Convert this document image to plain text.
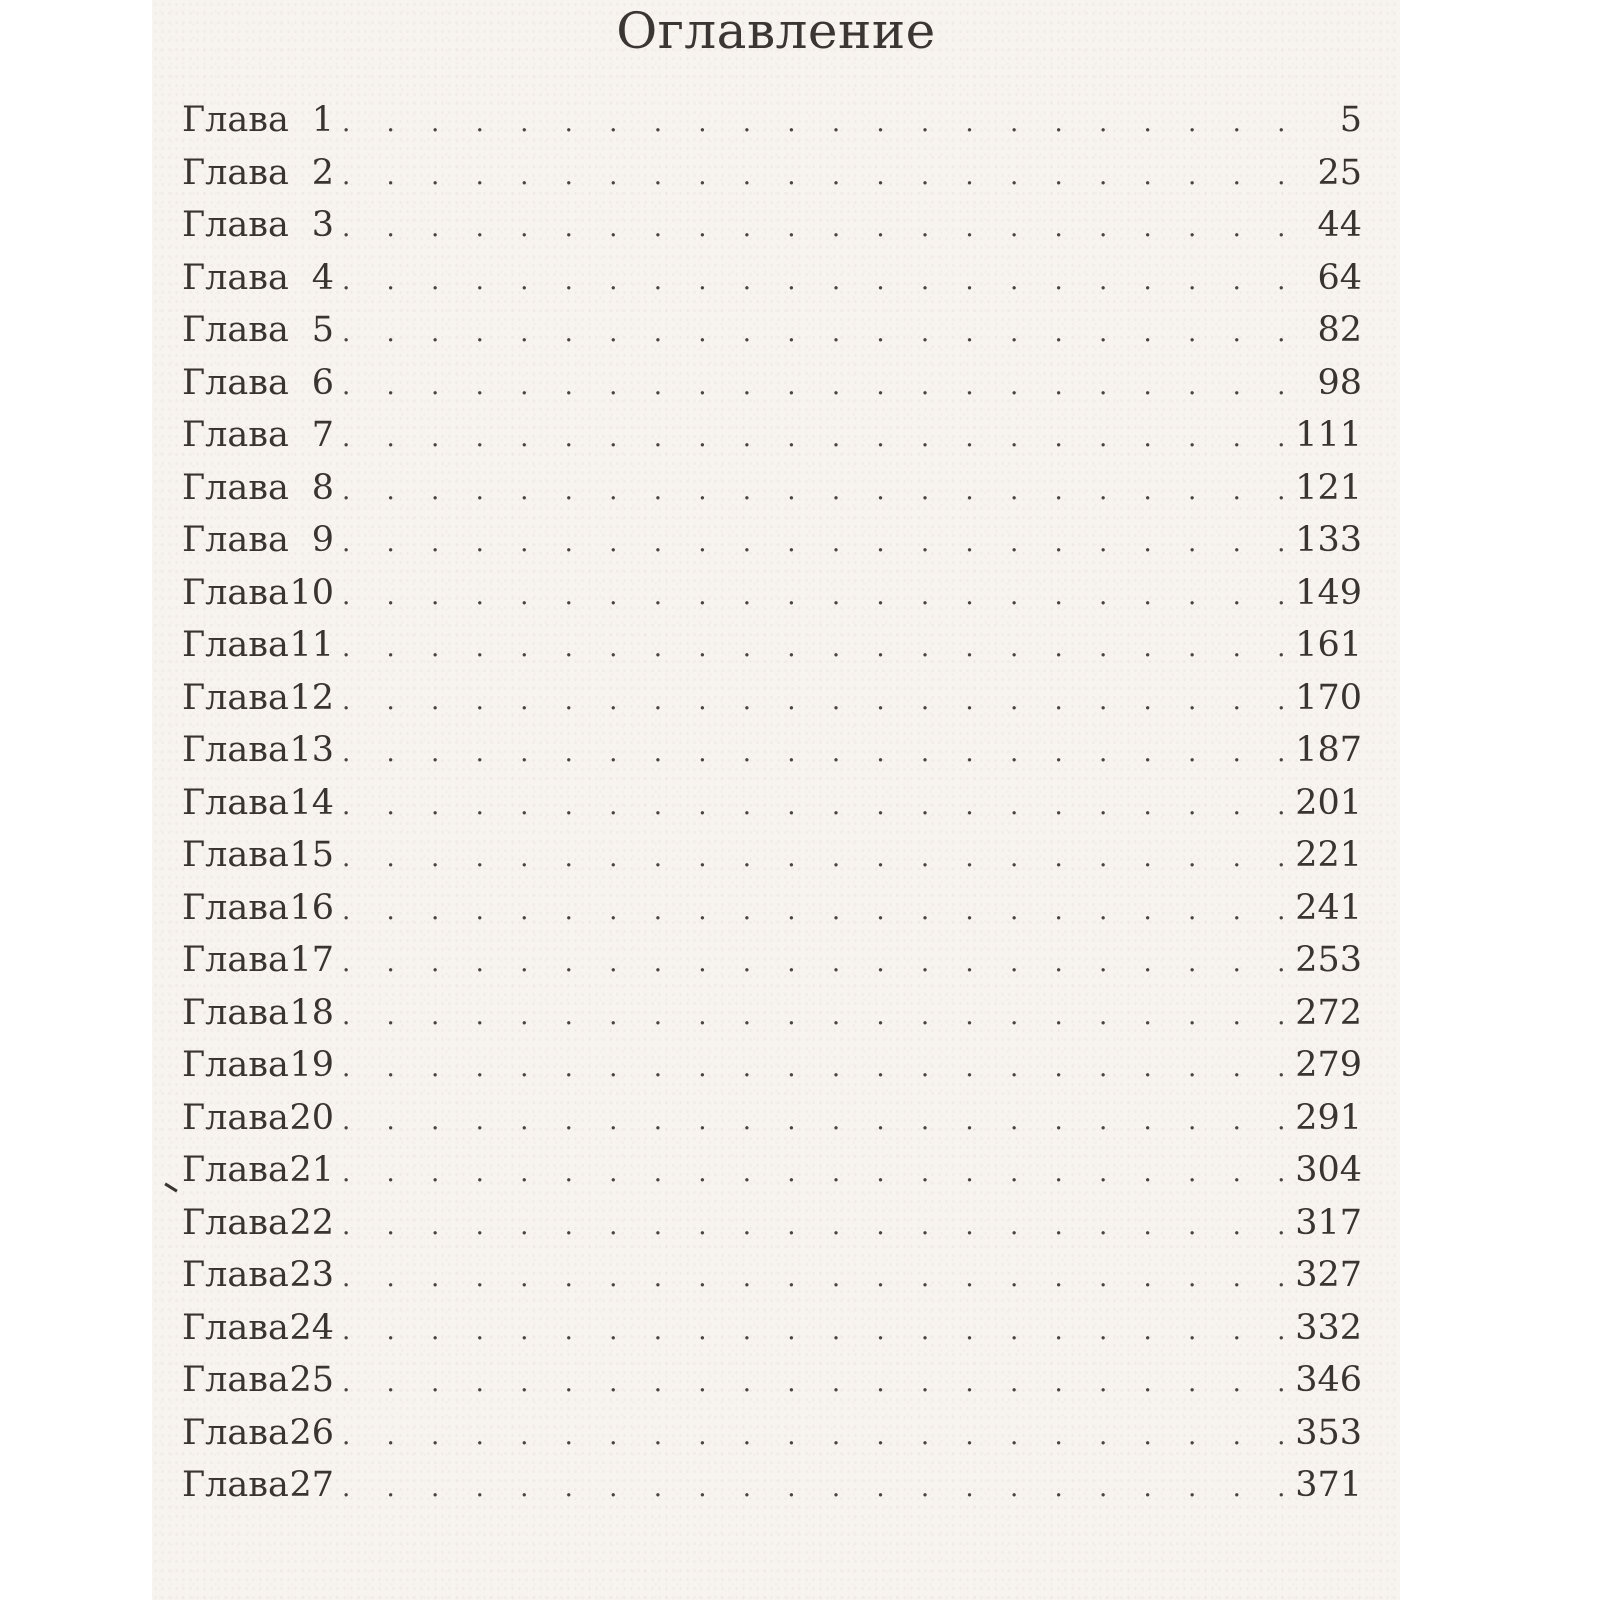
Оглавление
Глава 1 . . .	5
Глава 2 . . .	25
Глава 3 . . .	44
Глава 4 . . .	64
Глава 5 . . .	82
Глава 6 . . .	98
Глава 7 . . .	111
Глава 8 . . .	121
Глава 9 . . .	133
Глава 10 . . .	149
Глава 11 . . .	161
Глава 12 . . .	170
Глава 13 . . .	187
Глава 14 . . .	201
Глава 15 . . .	221
Глава 16 . . .	241
Глава 17 . . .	253
Глава 18 . . .	272
Глава 19 . . .	279
Глава 20 . . .	291
Глава 21 . . .	304
Глава 22 . . .	317
Глава 23 . . .	327
Глава 24 . . .	332
Глава 25 . . .	346
Глава 26 . . .	353
Глава 27 . . .	371
